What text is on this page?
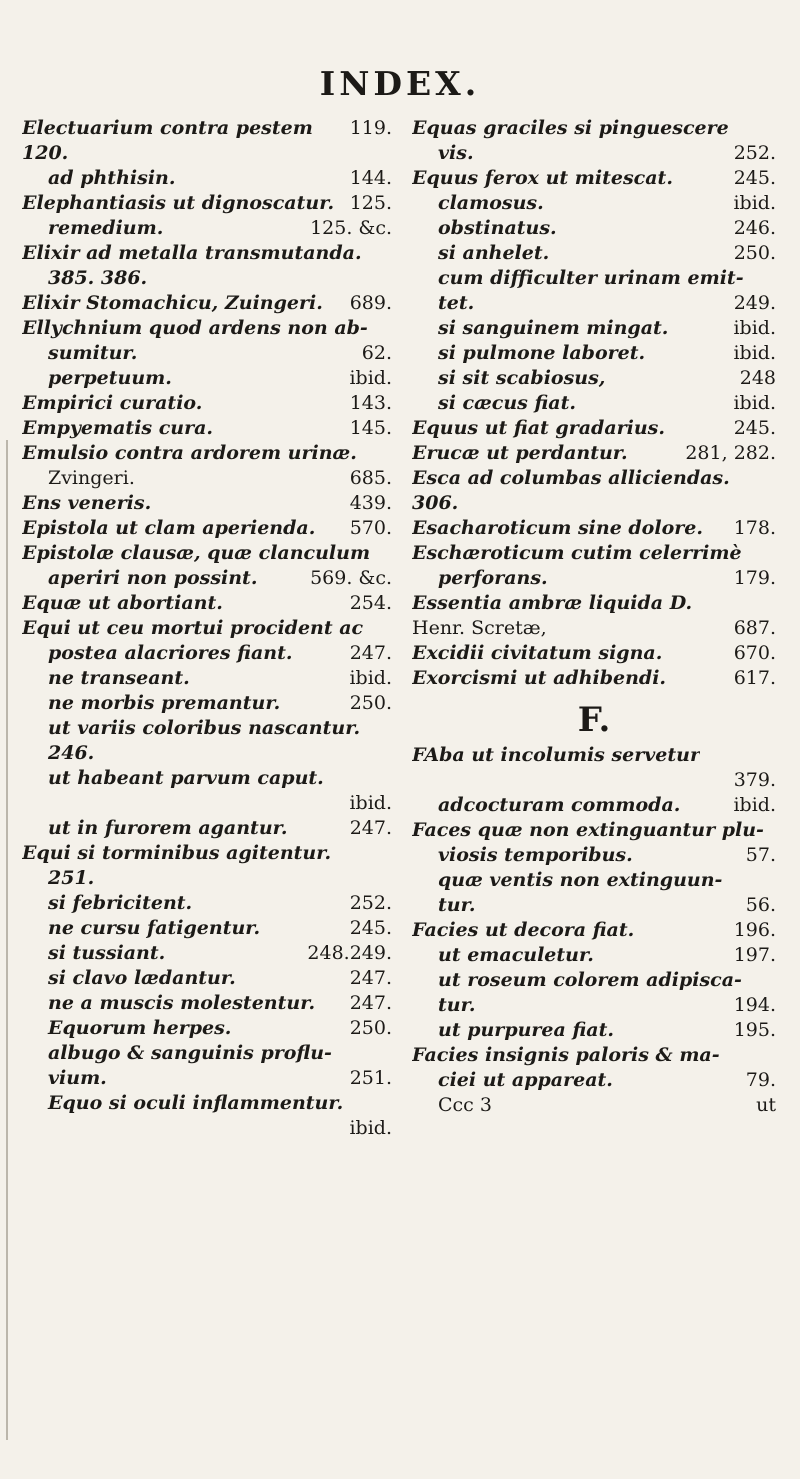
INDEX.
Electuarium contra pestem	119.
120.
ad phthisin.	144.
Elephantiasis ut dignoscatur. 125.
remedium.	125. &c.
Elixir ad metalla transmutanda.
385. 386.
Elixir Stomachicu, Zuingeri.	689.
Ellychnium quod ardens non ab-
sumitur.	62.
perpetuum.	ibid.
Empirici curatio.	143.
Empyematis cura.	145.
Emulsio contra ardorem urinæ.
Zvingeri.	685.
Ens veneris.	439.
Epistola ut clam aperienda.	570.
Epistolæ clausæ, quæ clanculum
aperiri non possint.	569. &c.
Equæ ut abortiant.	254.
Equi ut ceu mortui procident ac
postea alacriores fiant.	247.
ne transeant.	ibid.
ne morbis premantur.	250.
ut variis coloribus nascantur.
246.
ut habeant parvum caput.
ibid.
ut in furorem agantur.	247.
Equi si torminibus agitentur.
251.
si febricitent.	252.
ne cursu fatigentur.	245.
si tussiant.	248.249.
si clavo lædantur.	247.
ne a muscis molestentur.	247.
Equorum herpes.	250.
albugo & sanguinis proflu-
vium.	251.
Equo si oculi inflammentur.
ibid.
Equas graciles si pinguescere
vis.	252.
Equus ferox ut mitescat.	245.
clamosus.	ibid.
obstinatus.	246.
si anhelet.	250.
cum difficulter urinam emit-
tet.	249.
si sanguinem mingat.	ibid.
si pulmone laboret.	ibid.
si sit scabiosus,	248
si cæcus fiat.	ibid.
Equus ut fiat gradarius.	245.
Erucæ ut perdantur.	281, 282.
Esca ad columbas alliciendas.
306.
Esacharoticum sine dolore.	178.
Eschæroticum cutim celerrimè
perforans.	179.
Essentia ambræ liquida D.
Henr. Scretæ,	687.
Excidii civitatum signa.	670.
Exorcismi ut adhibendi.	617.
F.
FAba ut incolumis servetur
379.
adcocturam commoda.	ibid.
Faces quæ non extinguantur plu-
viosis temporibus.	57.
quæ ventis non extinguun-
tur.	56.
Facies ut decora fiat.	196.
ut emaculetur.	197.
ut roseum colorem adipisca-
tur.	194.
ut purpurea fiat.	195.
Facies insignis paloris & ma-
ciei ut appareat.	79.
Ccc 3	ut
